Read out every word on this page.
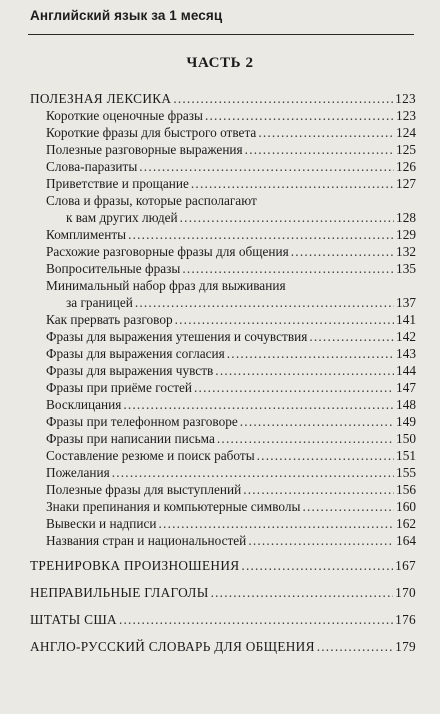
Английский язык за 1 месяц
ЧАСТЬ 2
ПОЛЕЗНАЯ ЛЕКСИКА .....	123
Короткие оценочные фразы .....	123
Короткие фразы для быстрого ответа .....	124
Полезные разговорные выражения .....	125
Слова-паразиты .....	126
Приветствие и прощание .....	127
Слова и фразы, которые располагают
к вам других людей .....	128
Комплименты .....	129
Расхожие разговорные фразы для общения .....	132
Вопросительные фразы .....	135
Минимальный набор фраз для выживания
за границей .....	137
Как прервать разговор .....	141
Фразы для выражения утешения и сочувствия .....	142
Фразы для выражения согласия .....	143
Фразы для выражения чувств .....	144
Фразы при приёме гостей .....	147
Восклицания .....	148
Фразы при телефонном разговоре .....	149
Фразы при написании письма .....	150
Составление резюме и поиск работы .....	151
Пожелания .....	155
Полезные фразы для выступлений .....	156
Знаки препинания и компьютерные символы .....	160
Вывески и надписи .....	162
Названия стран и национальностей .....	164
ТРЕНИРОВКА ПРОИЗНОШЕНИЯ .....	167
НЕПРАВИЛЬНЫЕ ГЛАГОЛЫ .....	170
ШТАТЫ США .....	176
АНГЛО-РУССКИЙ СЛОВАРЬ ДЛЯ ОБЩЕНИЯ .....	179
